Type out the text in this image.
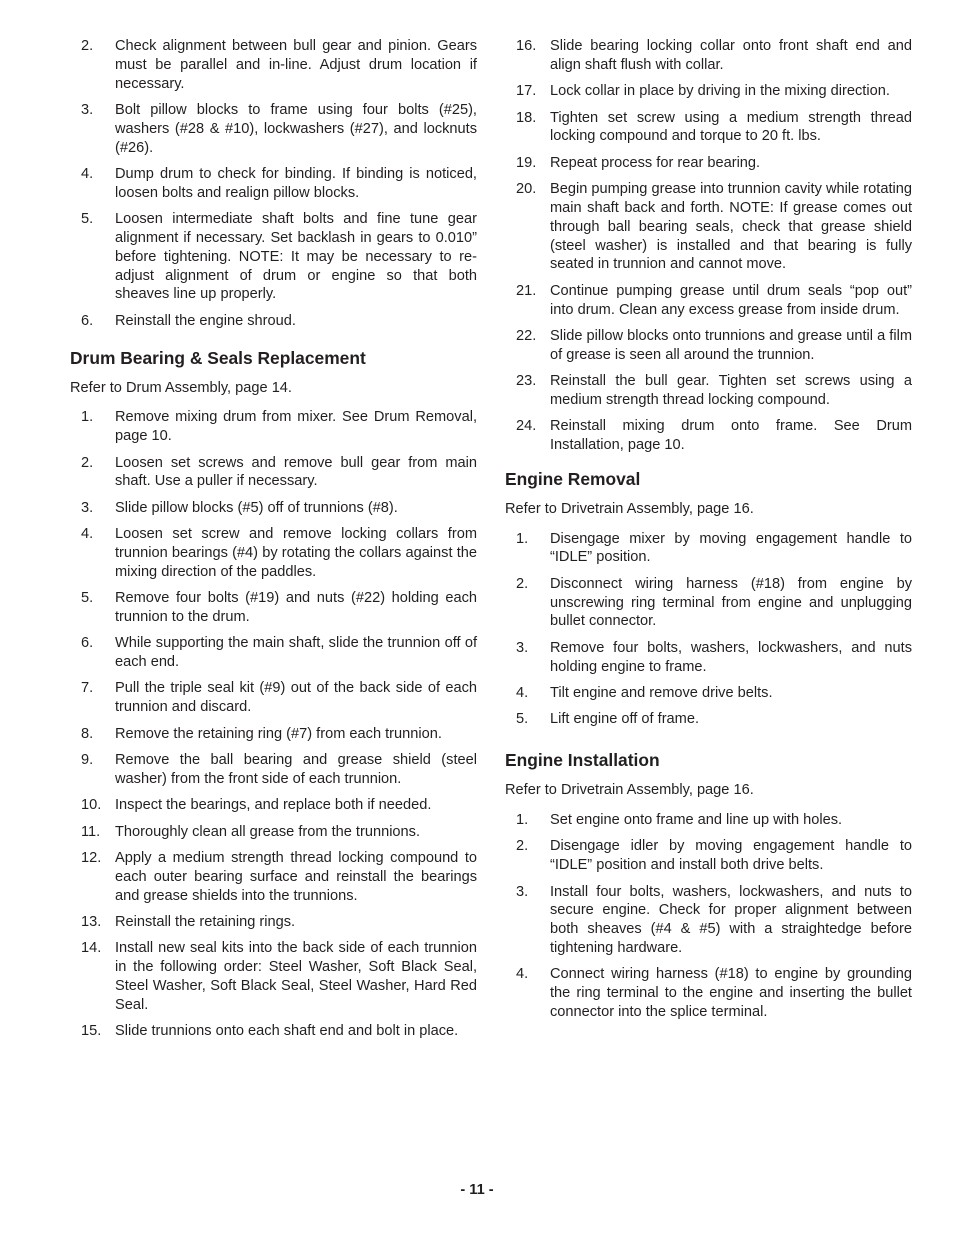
2.	Check alignment between bull gear and pinion. Gears must be parallel and in-line. Adjust drum location if necessary.
3.	Bolt pillow blocks to frame using four bolts (#25), washers (#28 & #10), lockwashers (#27), and locknuts (#26).
4.	Dump drum to check for binding. If binding is noticed, loosen bolts and realign pillow blocks.
5.	Loosen intermediate shaft bolts and fine tune gear alignment if necessary. Set backlash in gears to 0.010” before tightening. NOTE: It may be necessary to re-adjust alignment of drum or engine so that both sheaves line up properly.
6.	Reinstall the engine shroud.
Drum Bearing & Seals Replacement

Refer to Drum Assembly, page 14.

1.	Remove mixing drum from mixer. See Drum Removal, page 10.
2.	Loosen set screws and remove bull gear from main shaft. Use a puller if necessary.
3.	Slide pillow blocks (#5) off of trunnions (#8).
4.	Loosen set screw and remove locking collars from trunnion bearings (#4) by rotating the collars against the mixing direction of the paddles.
5.	Remove four bolts (#19) and nuts (#22) holding each trunnion to the drum.
6.	While supporting the main shaft, slide the trunnion off of each end.
7.	Pull the triple seal kit (#9) out of the back side of each trunnion and discard.
8.	Remove the retaining ring (#7) from each trunnion.
9.	Remove the ball bearing and grease shield (steel washer) from the front side of each trunnion.
10. Inspect the bearings, and replace both if needed.
11.	Thoroughly clean all grease from the trunnions.
12. Apply a medium strength thread locking compound to each outer bearing surface and reinstall the bearings and grease shields into the trunnions.
13. Reinstall the retaining rings.
14. Install new seal kits into the back side of each trunnion in the following order: Steel Washer, Soft Black Seal, Steel Washer, Soft Black Seal, Steel Washer, Hard Red Seal.
15. Slide trunnions onto each shaft end and bolt in place.
16. Slide bearing locking collar onto front shaft end and align shaft flush with collar.
17. Lock collar in place by driving in the mixing direction.
18. Tighten set screw using a medium strength thread locking compound and torque to 20 ft. lbs.
19. Repeat process for rear bearing.
20. Begin pumping grease into trunnion cavity while rotating main shaft back and forth. NOTE: If grease comes out through ball bearing seals, check that grease shield (steel washer) is installed and that bearing is fully seated in trunnion and cannot move.
21. Continue pumping grease until drum seals “pop out” into drum. Clean any excess grease from inside drum.
22. Slide pillow blocks onto trunnions and grease until a film of grease is seen all around the trunnion.
23. Reinstall the bull gear. Tighten set screws using a medium strength thread locking compound.
24. Reinstall mixing drum onto frame. See Drum Installation, page 10.
Engine Removal

Refer to Drivetrain Assembly, page 16.

1.	Disengage mixer by moving engagement handle to “IDLE” position.
2.	Disconnect wiring harness (#18) from engine by unscrewing ring terminal from engine and unplugging bullet connector.
3.	Remove four bolts, washers, lockwashers, and nuts holding engine to frame.
4.	Tilt engine and remove drive belts.
5.	Lift engine off of frame.
Engine Installation

Refer to Drivetrain Assembly, page 16.

1.	Set engine onto frame and line up with holes.
2.	Disengage idler by moving engagement handle to “IDLE” position and install both drive belts.
3.	Install four bolts, washers, lockwashers, and nuts to secure engine. Check for proper alignment between both sheaves (#4 & #5) with a straightedge before tightening hardware.
4.	Connect wiring harness (#18) to engine by grounding the ring terminal to the engine and inserting the bullet connector into the splice terminal.
- 11 -
